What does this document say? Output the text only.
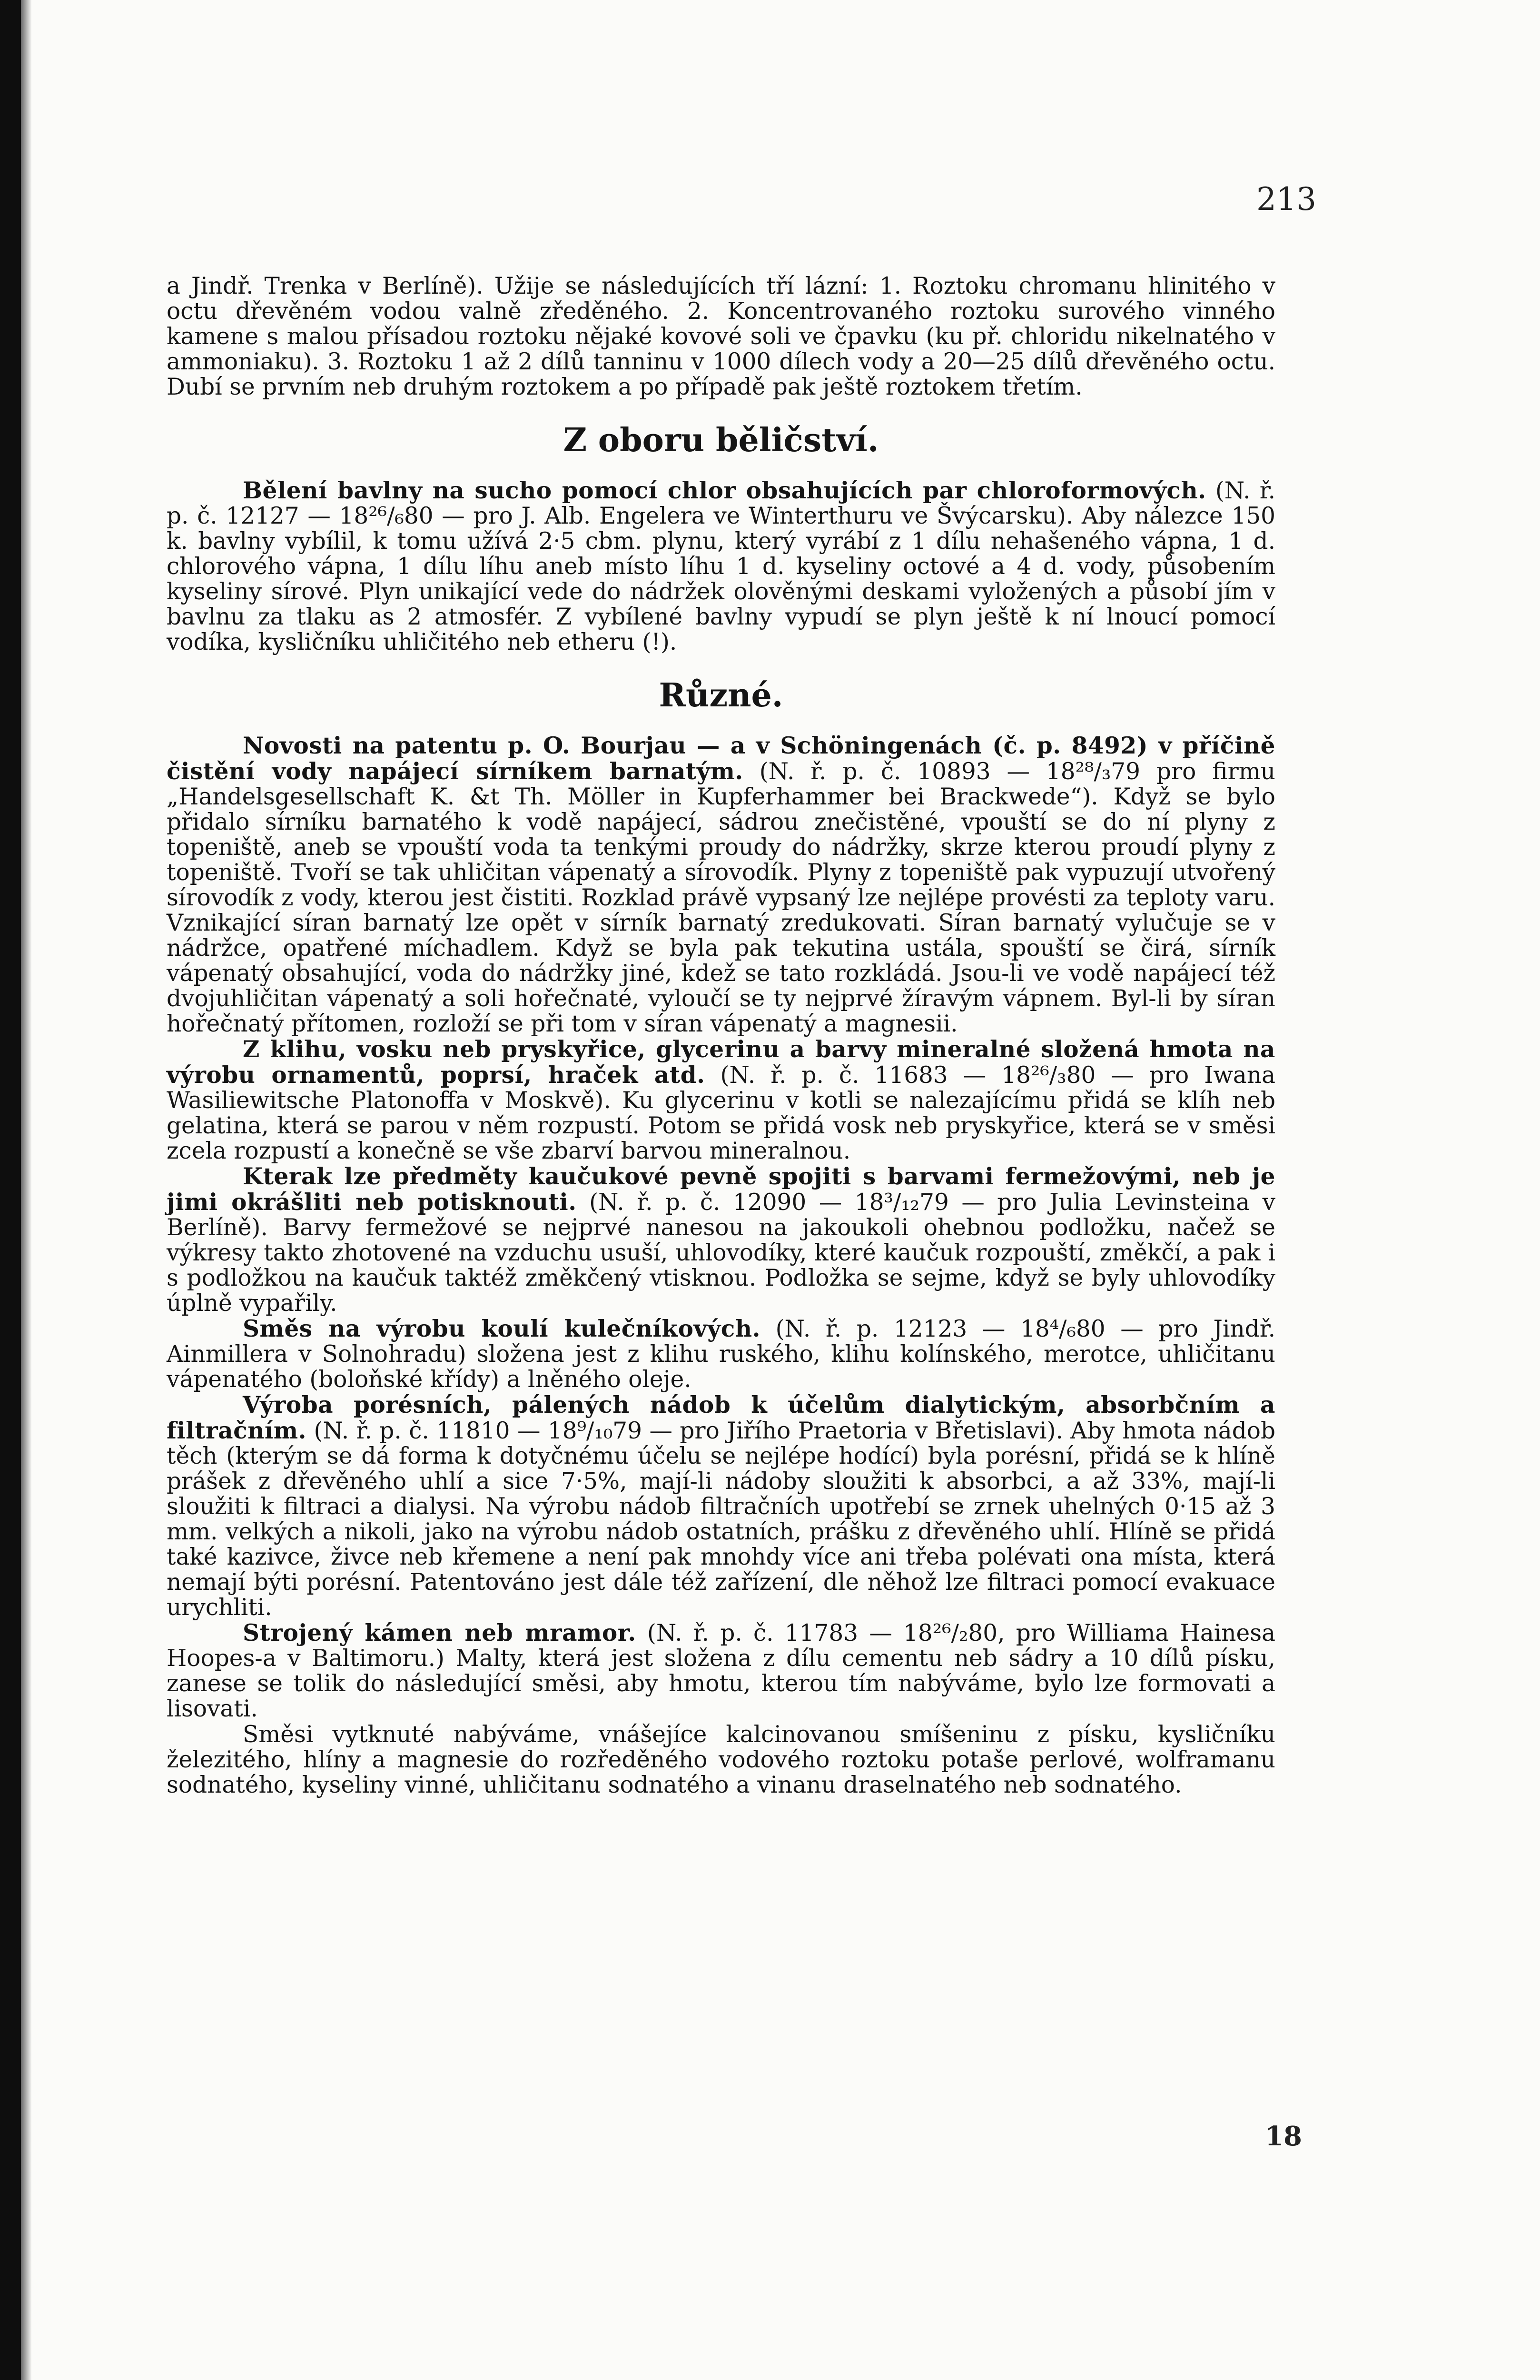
213

a Jindř. Trenka v Berlíně). Užije se následujících tří lázní: 1. Roztoku chromanu hlinitého v octu dřevěném vodou valně zředěného. 2. Koncentrovaného roztoku surového vinného kamene s malou přísadou roztoku nějaké kovové soli ve čpavku (ku př. chloridu nikelnatého v ammoniaku). 3. Roztoku 1 až 2 dílů tanninu v 1000 dílech vody a 20—25 dílů dřevěného octu. Dubí se prvním neb druhým roztokem a po případě pak ještě roztokem třetím.

Z oboru běličství.

Bělení bavlny na sucho pomocí chlor obsahujících par chloroformových. (N. ř. p. č. 12127 — 18²⁶/₆80 — pro J. Alb. Engelera ve Winterthuru ve Švýcarsku). Aby nálezce 150 k. bavlny vybílil, k tomu užívá 2·5 cbm. plynu, který vyrábí z 1 dílu nehašeného vápna, 1 d. chlorového vápna, 1 dílu líhu aneb místo líhu 1 d. kyseliny octové a 4 d. vody, působením kyseliny sírové. Plyn unikající vede do nádržek olověnými deskami vyložených a působí jím v bavlnu za tlaku as 2 atmosfér. Z vybílené bavlny vypudí se plyn ještě k ní lnoucí pomocí vodíka, kysličníku uhličitého neb etheru (!).

Různé.

Novosti na patentu p. O. Bourjau — a v Schöningenách (č. p. 8492) v příčině čistění vody napájecí sírníkem barnatým. (N. ř. p. č. 10893 — 18²⁸/₃79 pro firmu „Handelsgesellschaft K. &t Th. Möller in Kupferhammer bei Brackwede“). Když se bylo přidalo sírníku barnatého k vodě napájecí, sádrou znečistěné, vpouští se do ní plyny z topeniště, aneb se vpouští voda ta tenkými proudy do nádržky, skrze kterou proudí plyny z topeniště. Tvoří se tak uhličitan vápenatý a sírovodík. Plyny z topeniště pak vypuzují utvořený sírovodík z vody, kterou jest čistiti. Rozklad právě vypsaný lze nejlépe provésti za teploty varu. Vznikající síran barnatý lze opět v sírník barnatý zredukovati. Síran barnatý vylučuje se v nádržce, opatřené míchadlem. Když se byla pak tekutina ustála, spouští se čirá, sírník vápenatý obsahující, voda do nádržky jiné, kdež se tato rozkládá. Jsou-li ve vodě napájecí též dvojuhličitan vápenatý a soli hořečnaté, vyloučí se ty nejprvé žíravým vápnem. Byl-li by síran hořečnatý přítomen, rozloží se při tom v síran vápenatý a magnesii.

Z klihu, vosku neb pryskyřice, glycerinu a barvy mineralné složená hmota na výrobu ornamentů, poprsí, hraček atd. (N. ř. p. č. 11683 — 18²⁶/₃80 — pro Iwana Wasiliewitsche Platonoffa v Moskvě). Ku glycerinu v kotli se nalezajícímu přidá se klíh neb gelatina, která se parou v něm rozpustí. Potom se přidá vosk neb pryskyřice, která se v směsi zcela rozpustí a konečně se vše zbarví barvou mineralnou.

Kterak lze předměty kaučukové pevně spojiti s barvami fermežovými, neb je jimi okrášliti neb potisknouti. (N. ř. p. č. 12090 — 18³/₁₂79 — pro Julia Levinsteina v Berlíně). Barvy fermežové se nejprvé nanesou na jakoukoli ohebnou podložku, načež se výkresy takto zhotovené na vzduchu usuší, uhlovodíky, které kaučuk rozpouští, změkčí, a pak i s podložkou na kaučuk taktéž změkčený vtisknou. Podložka se sejme, když se byly uhlovodíky úplně vypařily.

Směs na výrobu koulí kulečníkových. (N. ř. p. 12123 — 18⁴/₆80 — pro Jindř. Ainmillera v Solnohradu) složena jest z klihu ruského, klihu kolínského, merotce, uhličitanu vápenatého (boloňské křídy) a lněného oleje.

Výroba porésních, pálených nádob k účelům dialytickým, absorbčním a filtračním. (N. ř. p. č. 11810 — 18⁹/₁₀79 — pro Jiřího Praetoria v Břetislavi). Aby hmota nádob těch (kterým se dá forma k dotyčnému účelu se nejlépe hodící) byla porésní, přidá se k hlíně prášek z dřevěného uhlí a sice 7·5%, mají-li nádoby sloužiti k absorbci, a až 33%, mají-li sloužiti k filtraci a dialysi. Na výrobu nádob filtračních upotřebí se zrnek uhelných 0·15 až 3 mm. velkých a nikoli, jako na výrobu nádob ostatních, prášku z dřevěného uhlí. Hlíně se přidá také kazivce, živce neb křemene a není pak mnohdy více ani třeba polévati ona místa, která nemají býti porésní. Patentováno jest dále též zařízení, dle něhož lze filtraci pomocí evakuace urychliti.

Strojený kámen neb mramor. (N. ř. p. č. 11783 — 18²⁶/₂80, pro Williama Hainesa Hoopes-a v Baltimoru.) Malty, která jest složena z dílu cementu neb sádry a 10 dílů písku, zanese se tolik do následující směsi, aby hmotu, kterou tím nabýváme, bylo lze formovati a lisovati.

Směsi vytknuté nabýváme, vnášejíce kalcinovanou smíšeninu z písku, kysličníku železitého, hlíny a magnesie do rozředěného vodového roztoku potaše perlové, wolframanu sodnatého, kyseliny vinné, uhličitanu sodnatého a vinanu draselnatého neb sodnatého.

18
